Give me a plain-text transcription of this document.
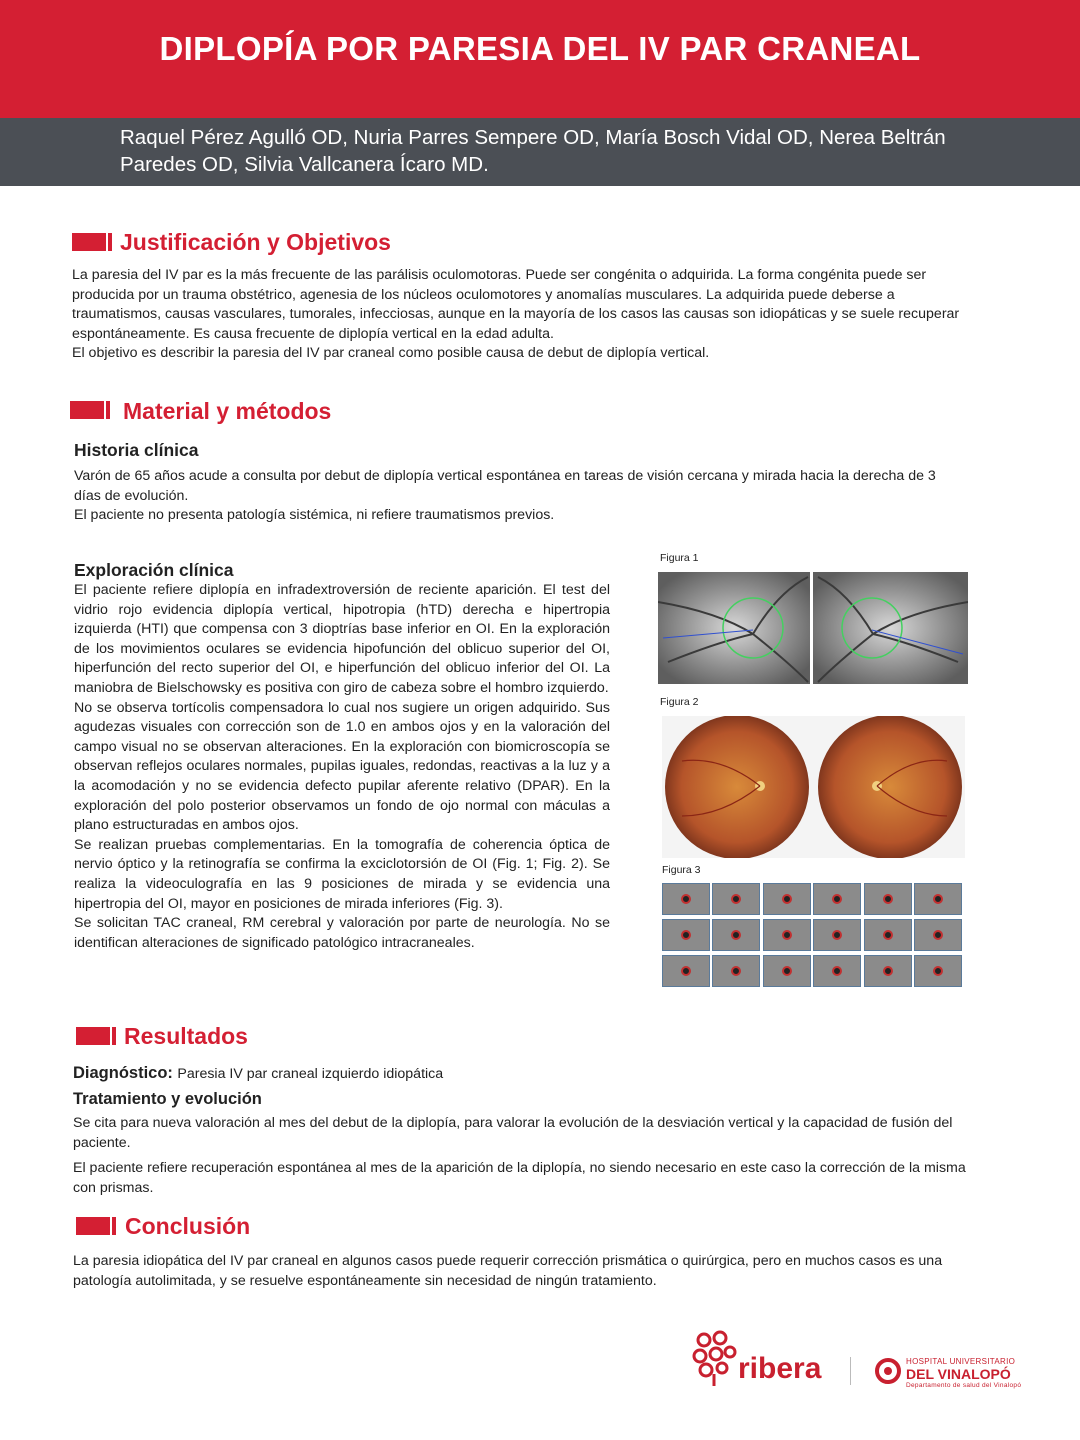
DIPLOPÍA POR PARESIA DEL IV PAR CRANEAL
Raquel Pérez Agulló OD, Nuria Parres Sempere OD, María Bosch Vidal OD, Nerea Beltrán Paredes OD, Silvia Vallcanera Ícaro MD.
Justificación y Objetivos

La paresia del IV par es la más frecuente de las parálisis oculomotoras. Puede ser congénita o adquirida. La forma congénita puede ser producida por un trauma obstétrico, agenesia de los núcleos oculomotores y anomalías musculares. La adquirida puede deberse a traumatismos, causas vasculares, tumorales, infecciosas, aunque en la mayoría de los casos las causas son idiopáticas y se suele recuperar espontáneamente. Es causa frecuente de diplopía vertical en la edad adulta.

El objetivo es describir la paresia del IV par craneal como posible causa de debut de diplopía vertical.

Material y métodos
Historia clínica

Varón de 65 años acude a consulta por debut de diplopía vertical espontánea en tareas de visión cercana y mirada hacia la derecha de 3 días de evolución.

El paciente no presenta patología sistémica, ni refiere traumatismos previos.

Exploración clínica

El paciente refiere diplopía en infradextroversión de reciente aparición. El test del vidrio rojo evidencia diplopía vertical, hipotropia (hTD) derecha e hipertropia izquierda (HTI) que compensa con 3 dioptrías base inferior en OI. En la exploración de los movimientos oculares se evidencia hipofunción del oblicuo superior del OI, hiperfunción del recto superior del OI, e hiperfunción del oblicuo inferior del OI. La maniobra de Bielschowsky es positiva con giro de cabeza sobre el hombro izquierdo.

No se observa tortícolis compensadora lo cual nos sugiere un origen adquirido. Sus agudezas visuales con corrección son de 1.0 en ambos ojos y en la valoración del campo visual no se observan alteraciones. En la exploración con biomicroscopía se observan reflejos oculares normales, pupilas iguales, redondas, reactivas a la luz y a la acomodación y no se evidencia defecto pupilar aferente relativo (DPAR). En la exploración del polo posterior observamos un fondo de ojo normal con máculas a plano estructuradas en ambos ojos.

Se realizan pruebas complementarias. En la tomografía de coherencia óptica de nervio óptico y la retinografía se confirma la exciclotorsión de OI (Fig. 1; Fig. 2). Se realiza la videoculografía en las 9 posiciones de mirada y se evidencia una hipertropia del OI, mayor en posiciones de mirada inferiores (Fig. 3).

Se solicitan TAC craneal, RM cerebral y valoración por parte de neurología. No se identifican alteraciones de significado patológico intracraneales.

Figura 1
Figura 2
Figura 3
Resultados
Diagnóstico: Paresia IV par craneal izquierdo idiopática
Tratamiento y evolución

Se cita para nueva valoración al mes del debut de la diplopía, para valorar la evolución de la desviación vertical y la capacidad de fusión del paciente.

El paciente refiere recuperación espontánea al mes de la aparición de la diplopía, no siendo necesario en este caso la corrección de la misma con prismas.

Conclusión

La paresia idiopática del IV par craneal en algunos casos puede requerir corrección prismática o quirúrgica, pero en muchos casos es una patología autolimitada, y se resuelve espontáneamente sin necesidad de ningún tratamiento.

ribera	HOSPITAL UNIVERSITARIO
DEL VINALOPÓ
Departamento de salud del Vinalopó
